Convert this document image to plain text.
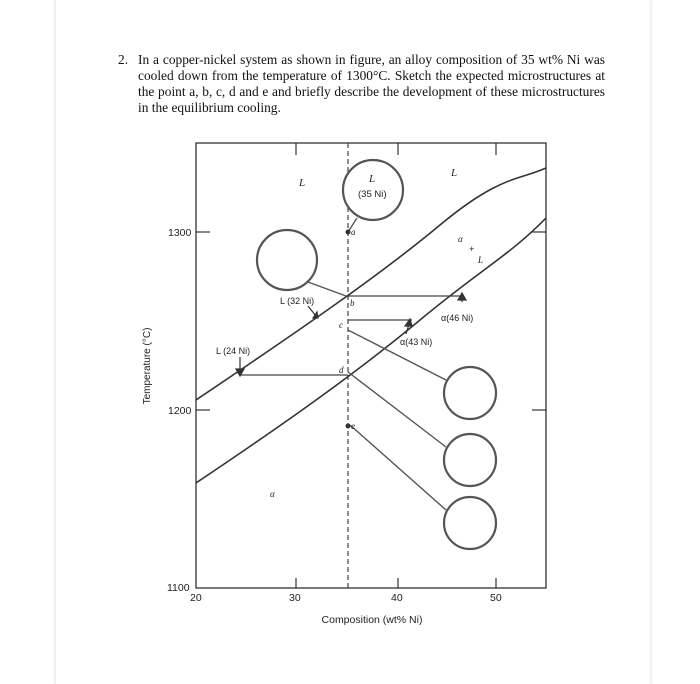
2. In a copper-nickel system as shown in figure, an alloy composition of 35 wt% Ni was cooled down from the temperature of 1300°C. Sketch the expected microstructures at the point a, b, c, d and e and briefly describe the development of these microstructures in the equilibrium cooling.
1300
1200
1100
20	30	40	50
Composition (wt% Ni)
Temperature (°C)
L
L
L
α
+
L
α
(35 Ni)
L (32 Ni)
L (24 Ni)
α(46 Ni)
α(43 Ni)
a
b
c
d
e
